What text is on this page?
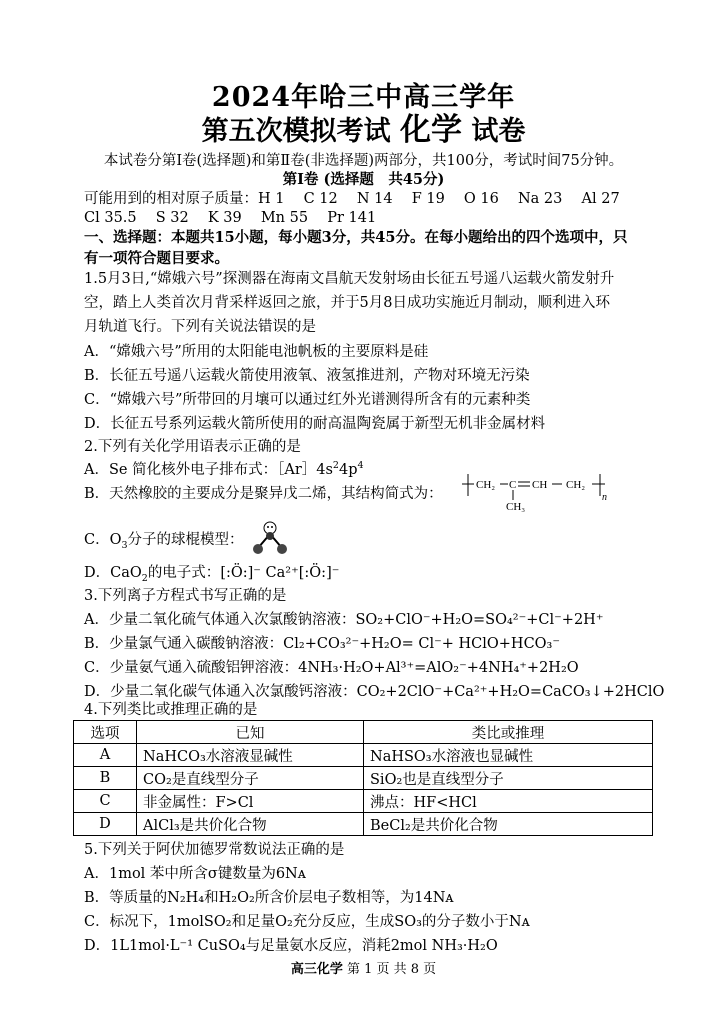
2024年哈三中高三学年
第五次模拟考试 化学 试卷
本试卷分第Ⅰ卷(选择题)和第Ⅱ卷(非选择题)两部分，共100分，考试时间75分钟。
第Ⅰ卷 (选择题　共45分)
可能用到的相对原子质量：H 1　 C 12　 N 14　 F 19　 O 16　 Na 23　 Al 27
Cl 35.5　 S 32　 K 39　 Mn 55　 Pr 141
一、选择题：本题共15小题，每小题3分，共45分。在每小题给出的四个选项中，只
有一项符合题目要求。
1.5月3日,“嫦娥六号”探测器在海南文昌航天发射场由长征五号遥八运载火箭发射升
空，踏上人类首次月背采样返回之旅，并于5月8日成功实施近月制动，顺利进入环
月轨道飞行。下列有关说法错误的是
A．“嫦娥六号”所用的太阳能电池帆板的主要原料是硅
B．长征五号遥八运载火箭使用液氧、液氢推进剂，产物对环境无污染
C．“嫦娥六号”所带回的月壤可以通过红外光谱测得所含有的元素种类
D．长征五号系列运载火箭所使用的耐高温陶瓷属于新型无机非金属材料
2.下列有关化学用语表示正确的是
A．Se 简化核外电子排布式：$[Ar]4s^24p^4$
B．天然橡胶的主要成分是聚异戊二烯，其结构简式为：
CH₂ C CH CH₂
CH₃
n
C．$O_3$分子的球棍模型：
D．CaO$_2$的电子式：[:Ö:]⁻ Ca²⁺[:Ö:]⁻
3.下列离子方程式书写正确的是
A．少量二氧化硫气体通入次氯酸钠溶液：SO₂+ClO⁻+H₂O=SO₄²⁻+Cl⁻+2H⁺
B．少量氯气通入碳酸钠溶液：Cl₂+CO₃²⁻+H₂O= Cl⁻+ HClO+HCO₃⁻
C．少量氨气通入硫酸铝钾溶液：4NH₃·H₂O+Al³⁺=AlO₂⁻+4NH₄⁺+2H₂O
D．少量二氧化碳气体通入次氯酸钙溶液：CO₂+2ClO⁻+Ca²⁺+H₂O=CaCO₃↓+2HClO
4.下列类比或推理正确的是
选项	已知	类比或推理
A	NaHCO₃水溶液显碱性	NaHSO₃水溶液也显碱性
B	CO₂是直线型分子	SiO₂也是直线型分子
C	非金属性：F>Cl	沸点：HF<HCl
D	AlCl₃是共价化合物	BeCl₂是共价化合物
5.下列关于阿伏加德罗常数说法正确的是
A．1mol 苯中所含σ键数量为6Nᴀ
B．等质量的N₂H₄和H₂O₂所含价层电子数相等，为14Nᴀ
C．标况下，1molSO₂和足量O₂充分反应，生成SO₃的分子数小于Nᴀ
D．1L1mol·L⁻¹ CuSO₄与足量氨水反应，消耗2mol NH₃·H₂O
高三化学 第 1 页 共 8 页
